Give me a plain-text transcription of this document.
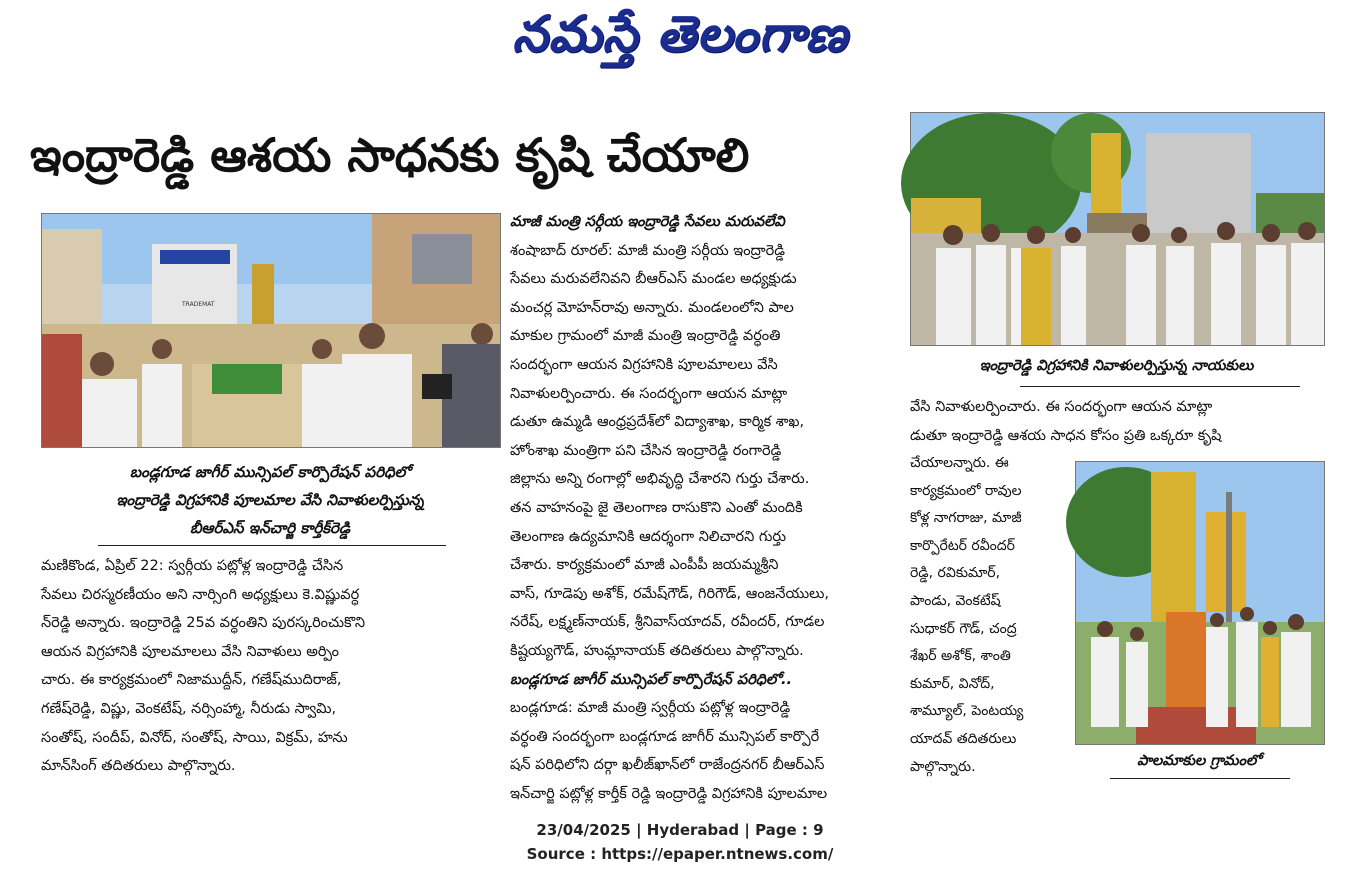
నమస్తే తెలంగాణ
ఇంద్రారెడ్డి ఆశయ సాధనకు కృషి చేయాలి
TRADEMAT
బండ్లగూడ జాగీర్ మున్సిపల్ కార్పొరేషన్ పరిధిలో
ఇంద్రారెడ్డి విగ్రహానికి పూలమాల వేసి నివాళులర్పిస్తున్న
బీఆర్ఎస్ ఇన్‌చార్జి కార్తీక్‌రెడ్డి

మణికొండ, ఏప్రిల్ 22: స్వర్గీయ పట్లోళ్ల ఇంద్రారెడ్డి చేసిన

సేవలు చిరస్మరణీయం అని నార్సింగి అధ్యక్షులు కె.విష్ణువర్ధ

న్‌రెడ్డి అన్నారు. ఇంద్రారెడ్డి 25వ వర్ధంతిని పురస్కరించుకొని

ఆయన విగ్రహానికి పూలమాలలు వేసి నివాళులు అర్పిం

చారు. ఈ కార్యక్రమంలో నిజాముద్దీన్, గణేష్‌ముదిరాజ్,

గణేష్‌రెడ్డి, విష్ణు, వెంకటేష్, నర్సింహ్మా, నీరుడు స్వామి,

సంతోష్, సందీప్, వినోద్, సంతోష్, సాయి, విక్రమ్, హను

మాన్‌సింగ్ తదితరులు పాల్గొన్నారు.

మాజీ మంత్రి సర్గీయ ఇంద్రారెడ్డి సేవలు మరువలేవి

శంషాబాద్ రూరల్: మాజీ మంత్రి సర్గీయ ఇంద్రారెడ్డి

సేవలు మరువలేనివని బీఆర్ఎస్ మండల అధ్యక్షుడు

మంచర్ల మోహన్‌రావు అన్నారు. మండలంలోని పాల

మాకుల గ్రామంలో మాజీ మంత్రి ఇంద్రారెడ్డి వర్ధంతి

సందర్భంగా ఆయన విగ్రహానికి పూలమాలలు వేసి

నివాళులర్పించారు. ఈ సందర్భంగా ఆయన మాట్లా

డుతూ ఉమ్మడి ఆంధ్రప్రదేశ్‌లో విద్యాశాఖ, కార్మిక శాఖ,

హోంశాఖ మంత్రిగా పని చేసిన ఇంద్రారెడ్డి రంగారెడ్డి

జిల్లాను అన్ని రంగాల్లో అభివృద్ధి చేశారని గుర్తు చేశారు.

తన వాహనంపై జై తెలంగాణ రాసుకొని ఎంతో మందికి

తెలంగాణ ఉద్యమానికి ఆదర్శంగా నిలిచారని గుర్తు

చేశారు. కార్యక్రమంలో మాజీ ఎంపీపీ జయమ్మశ్రీని

వాస్, గూడెపు అశోక్, రమేష్‌గౌడ్, గిరిగౌడ్, ఆంజనేయులు,

నరేష్, లక్ష్మణ్‌నాయక్, శ్రీనివాస్‌యాదవ్, రవీందర్, గూడల

కిష్టయ్యగౌడ్, హుమ్లానాయక్ తదితరులు పాల్గొన్నారు.

బండ్లగూడ జాగీర్ మున్సిపల్ కార్పొరేషన్ పరిధిలో..

బండ్లగూడ: మాజీ మంత్రి స్వర్గీయ పట్లోళ్ల ఇంద్రారెడ్డి

వర్ధంతి సందర్భంగా బండ్లగూడ జాగీర్ మున్సిపల్ కార్పొరే

షన్ పరిధిలోని దర్గా ఖలీజ్‌ఖాన్‌లో రాజేంద్రనగర్ బీఆర్ఎస్

ఇన్‌చార్జి పట్లోళ్ల కార్తీక్ రెడ్డి ఇంద్రారెడ్డి విగ్రహానికి పూలమాల

ఇంద్రారెడ్డి విగ్రహానికి నివాళులర్పిస్తున్న నాయకులు

వేసి నివాళులర్పించారు. ఈ సందర్భంగా ఆయన మాట్లా

డుతూ ఇంద్రారెడ్డి ఆశయ సాధన కోసం ప్రతి ఒక్కరూ కృషి

చేయాలన్నారు. ఈ

కార్యక్రమంలో రావుల

కోళ్ల నాగరాజు, మాజీ

కార్పొరేటర్ రవీందర్

రెడ్డి, రవికుమార్,

పాండు, వెంకటేష్

సుధాకర్ గౌడ్, చంద్ర

శేఖర్ అశోక్, శాంతి

కుమార్, వినోద్,

శామ్యూల్, పెంటయ్య

యాదవ్ తదితరులు

పాల్గొన్నారు.	పాలమాకుల గ్రామంలో
23/04/2025 | Hyderabad | Page : 9
Source : https://epaper.ntnews.com/
